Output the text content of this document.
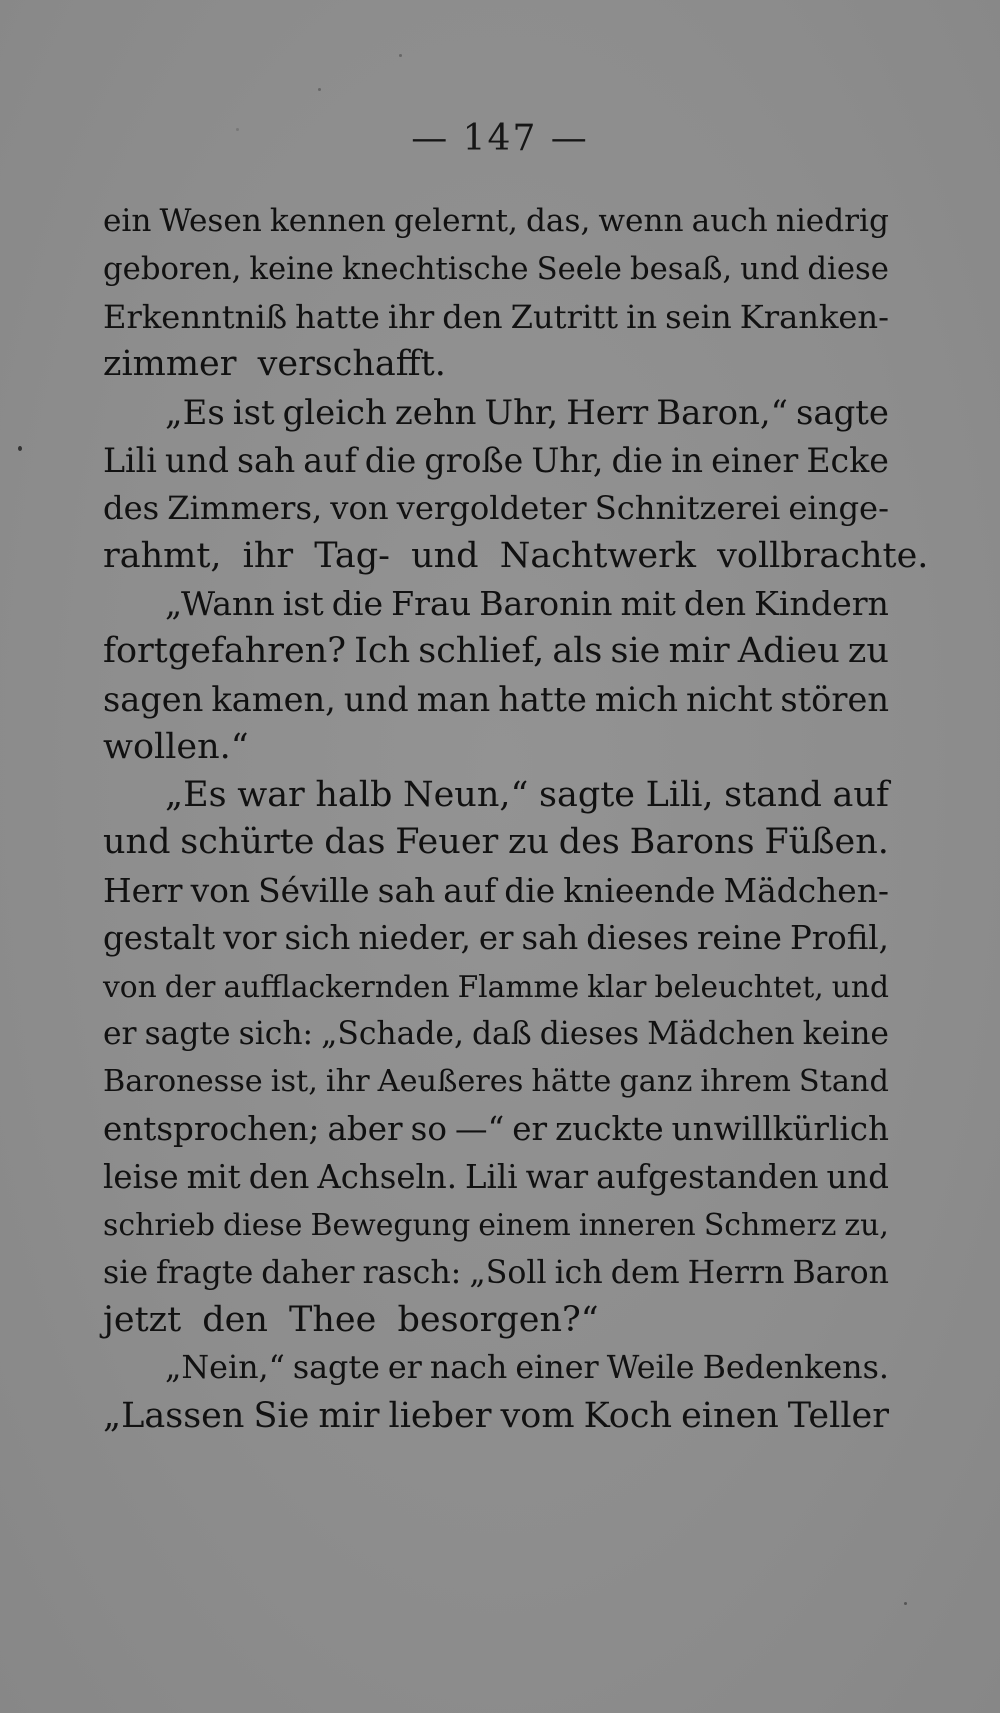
— 147 —
ein Wesen kennen gelernt, das, wenn auch niedrig
geboren, keine knechtische Seele besaß, und diese
Erkenntniß hatte ihr den Zutritt in sein Kranken-
zimmer verschafft.
„Es ist gleich zehn Uhr, Herr Baron,“ sagte
Lili und sah auf die große Uhr, die in einer Ecke
des Zimmers, von vergoldeter Schnitzerei einge-
rahmt, ihr Tag- und Nachtwerk vollbrachte.
„Wann ist die Frau Baronin mit den Kindern
fortgefahren? Ich schlief, als sie mir Adieu zu
sagen kamen, und man hatte mich nicht stören
wollen.“
„Es war halb Neun,“ sagte Lili, stand auf
und schürte das Feuer zu des Barons Füßen.
Herr von Séville sah auf die knieende Mädchen-
gestalt vor sich nieder, er sah dieses reine Profil,
von der aufflackernden Flamme klar beleuchtet, und
er sagte sich: „Schade, daß dieses Mädchen keine
Baronesse ist, ihr Aeußeres hätte ganz ihrem Stand
entsprochen; aber so —“ er zuckte unwillkürlich
leise mit den Achseln. Lili war aufgestanden und
schrieb diese Bewegung einem inneren Schmerz zu,
sie fragte daher rasch: „Soll ich dem Herrn Baron
jetzt den Thee besorgen?“
„Nein,“ sagte er nach einer Weile Bedenkens.
„Lassen Sie mir lieber vom Koch einen Teller
